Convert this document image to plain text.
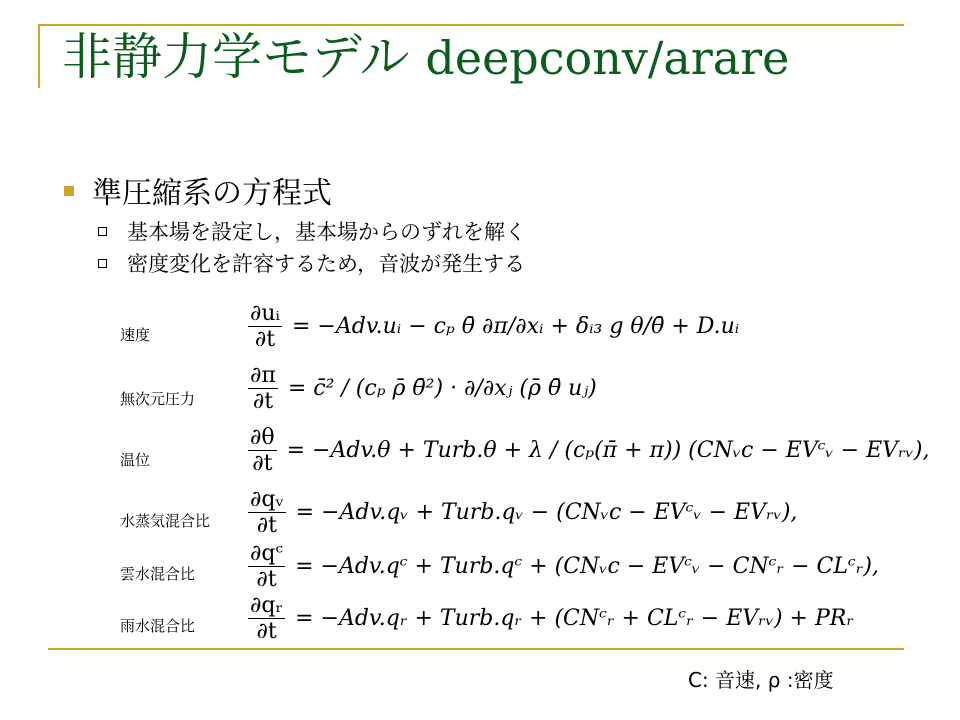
非静力学モデル deepconv/arare
準圧縮系の方程式
基本場を設定し，基本場からのずれを解く
密度変化を許容するため，音波が発生する
速度	$\frac{\text{∂uᵢ}}{\partial t}$ = −Adv.uᵢ − cₚ θ̄ ∂π/∂xᵢ + δᵢ₃ g θ/θ̄ + D.uᵢ
無次元圧力 $\frac{\partial\pi}{\partial t}$ = c̄² / (cₚ ρ̄ θ̄²) · ∂/∂xⱼ (ρ̄ θ̄ uⱼ)
温位	$\frac{\partial\theta}{\partial t} = -Adv.\theta$ + Turb.θ + λ / (cₚ(π̄ + π)) (CNᵥc − EVᶜᵥ − EVᵣᵥ),
水蒸気混合比 $\frac{\text{∂qᵥ}}{\partial t}$ = −Adv.qᵥ + Turb.qᵥ − (CNᵥc − EVᶜᵥ − EVᵣᵥ),
雲水混合比 $\frac{\text{∂qᶜ}}{\partial t}$ = −Adv.qᶜ + Turb.qᶜ + (CNᵥc − EVᶜᵥ − CNᶜᵣ − CLᶜᵣ),
雨水混合比 $\frac{\text{∂qᵣ}}{\partial t}$ = −Adv.qᵣ + Turb.qᵣ + (CNᶜᵣ + CLᶜᵣ − EVᵣᵥ) + PRᵣ
C: 音速, ρ :密度
